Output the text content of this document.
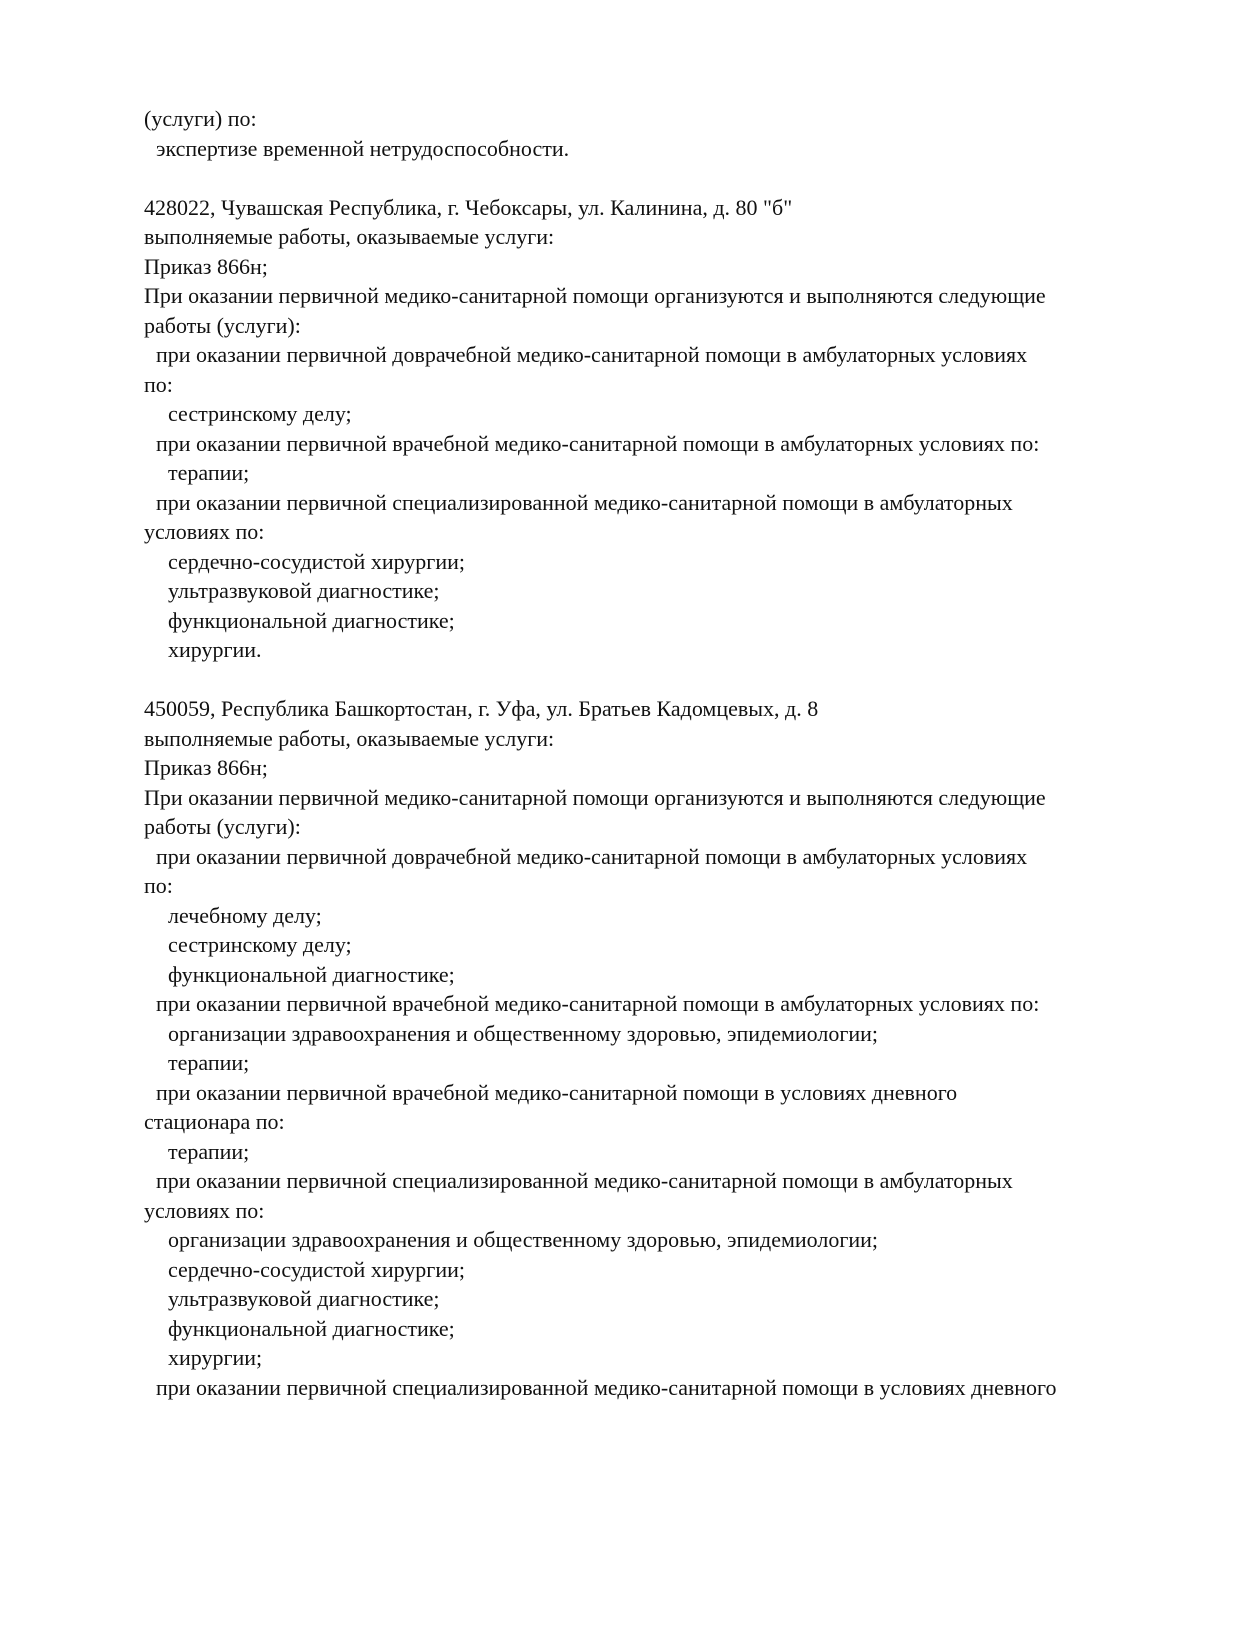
(услуги) по:
экспертизе временной нетрудоспособности.
428022, Чувашская Республика, г. Чебоксары, ул. Калинина, д. 80 "б"
выполняемые работы, оказываемые услуги:
Приказ 866н;
При оказании первичной медико-санитарной помощи организуются и выполняются следующие
работы (услуги):
при оказании первичной доврачебной медико-санитарной помощи в амбулаторных условиях
по:
сестринскому делу;
при оказании первичной врачебной медико-санитарной помощи в амбулаторных условиях по:
терапии;
при оказании первичной специализированной медико-санитарной помощи в амбулаторных
условиях по:
сердечно-сосудистой хирургии;
ультразвуковой диагностике;
функциональной диагностике;
хирургии.
450059, Республика Башкортостан, г. Уфа, ул. Братьев Кадомцевых, д. 8
выполняемые работы, оказываемые услуги:
Приказ 866н;
При оказании первичной медико-санитарной помощи организуются и выполняются следующие
работы (услуги):
при оказании первичной доврачебной медико-санитарной помощи в амбулаторных условиях
по:
лечебному делу;
сестринскому делу;
функциональной диагностике;
при оказании первичной врачебной медико-санитарной помощи в амбулаторных условиях по:
организации здравоохранения и общественному здоровью, эпидемиологии;
терапии;
при оказании первичной врачебной медико-санитарной помощи в условиях дневного
стационара по:
терапии;
при оказании первичной специализированной медико-санитарной помощи в амбулаторных
условиях по:
организации здравоохранения и общественному здоровью, эпидемиологии;
сердечно-сосудистой хирургии;
ультразвуковой диагностике;
функциональной диагностике;
хирургии;
при оказании первичной специализированной медико-санитарной помощи в условиях дневного
